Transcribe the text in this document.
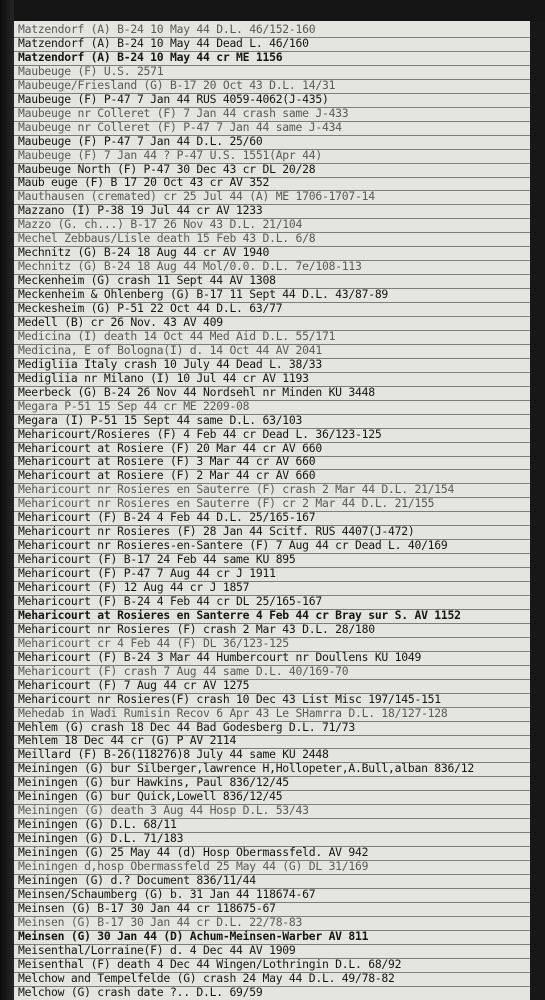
Matzendorf (A) B-24 10 May 44 D.L. 46/152-160
Matzendorf (A) B-24 10 May 44 Dead L. 46/160
Matzendorf (A) B-24 10 May 44 cr ME 1156
Maubeuge (F) U.S. 2571
Maubeuge/Friesland (G) B-17 20 Oct 43 D.L. 14/31
Maubeuge (F) P-47 7 Jan 44 RUS 4059-4062(J-435)
Maubeuge nr Colleret (F) 7 Jan 44 crash same J-433
Maubeuge nr Colleret (F) P-47 7 Jan 44 same J-434
Maubeuge (F) P-47 7 Jan 44 D.L. 25/60
Maubeuge (F) 7 Jan 44 ? P-47 U.S. 1551(Apr 44)
Maubeuge North (F) P-47 30 Dec 43 cr DL 20/28
Maub euge (F) B 17 20 Oct 43 cr AV 352
Mauthausen (cremated) cr 25 Jul 44 (A) ME 1706-1707-14
Mazzano (I) P-38 19 Jul 44 cr AV 1233
Mazzo (G. ch...) B-17 26 Nov 43 D.L. 21/104
Mechel Zebbaus/Lisle death 15 Feb 43 D.L. 6/8
Mechnitz (G) B-24 18 Aug 44 cr AV 1940
Mechnitz (G) B-24 18 Aug 44 Mol/0.0. D.L. 7e/108-113
Meckenheim (G) crash 11 Sept 44 AV 1308
Meckenheim & Ohlenberg (G) B-17 11 Sept 44 D.L. 43/87-89
Meckesheim (G) P-51 22 Oct 44 D.L. 63/77
Medell (B) cr 26 Nov. 43 AV 409
Medicina (I) death 14 Oct 44 Med Aid D.L. 55/171
Medicina, E of Bologna(I) d. 14 Oct 44 AV 2041
Medigliia Italy crash 10 July 44 Dead L. 38/33
Medigliia nr Milano (I) 10 Jul 44 cr AV 1193
Meerbeck (G) B-24 26 Nov 44 Nordsehl nr Minden KU 3448
Megara P-51 15 Sep 44 cr ME 2209-08
Megara (I) P-51 15 Sept 44 same D.L. 63/103
Meharicourt/Rosieres (F) 4 Feb 44 cr Dead L. 36/123-125
Meharicourt at Rosiere (F) 20 Mar 44 cr AV 660
Meharicourt at Rosiere (F) 3 Mar 44 cr AV 660
Meharicourt at Rosiere (F) 2 Mar 44 cr AV 660
Meharicourt nr Rosieres en Sauterre (F) crash 2 Mar 44 D.L. 21/154
Meharicourt nr Rosieres en Sauterre (F) cr 2 Mar 44 D.L. 21/155
Meharicourt (F) B-24 4 Feb 44 D.L. 25/165-167
Meharicourt nr Rosieres (F) 28 Jan 44 Scitf. RUS 4407(J-472)
Meharicourt nr Rosieres-en-Santere (F) 7 Aug 44 cr Dead L. 40/169
Meharicourt (F) B-17 24 Feb 44 same KU 895
Meharicourt (F) P-47 7 Aug 44 cr J 1911
Meharicourt (F) 12 Aug 44 cr J 1857
Meharicourt (F) B-24 4 Feb 44 cr DL 25/165-167
Meharicourt at Rosieres en Santerre 4 Feb 44 cr Bray sur S. AV 1152
Meharicourt nr Rosieres (F) crash 2 Mar 43 D.L. 28/180
Meharicourt cr 4 Feb 44 (F) DL 36/123-125
Meharicourt (F) B-24 3 Mar 44 Humbercourt nr Doullens KU 1049
Meharicourt (F) crash 7 Aug 44 same D.L. 40/169-70
Meharicourt (F) 7 Aug 44 cr AV 1275
Meharicourt nr Rosieres(F) crash 10 Dec 43 List Misc 197/145-151
Mehedab in Wadi Rumisin Recov 6 Apr 43 Le SHamrra D.L. 18/127-128
Mehlem (G) crash 18 Dec 44 Bad Godesberg D.L. 71/73
Mehlem 18 Dec 44 cr (G) P AV 2114
Meillard (F) B-26(118276)8 July 44 same KU 2448
Meiningen (G) bur Silberger,lawrence H,Hollopeter,A.Bull,alban 836/12
Meiningen (G) bur Hawkins, Paul 836/12/45
Meiningen (G) bur Quick,Lowell 836/12/45
Meiningen (G) death 3 Aug 44 Hosp D.L. 53/43
Meiningen (G) D.L. 68/11
Meiningen (G) D.L. 71/183
Meiningen (G) 25 May 44 (d) Hosp Obermassfeld. AV 942
Meiningen d,hosp Obermassfeld 25 May 44 (G) DL 31/169
Meiningen (G) d.? Document 836/11/44
Meinsen/Schaumberg (G) b. 31 Jan 44 118674-67
Meinsen (G) B-17 30 Jan 44 cr 118675-67
Meinsen (G) B-17 30 Jan 44 cr D.L. 22/78-83
Meinsen (G) 30 Jan 44 (D) Achum-Meinsen-Warber AV 811
Meisenthal/Lorraine(F) d. 4 Dec 44 AV 1909
Meisenthal (F) death 4 Dec 44 Wingen/Lothringin D.L. 68/92
Melchow and Tempelfelde (G) crash 24 May 44 D.L. 49/78-82
Melchow (G) crash date ?.. D.L. 69/59
